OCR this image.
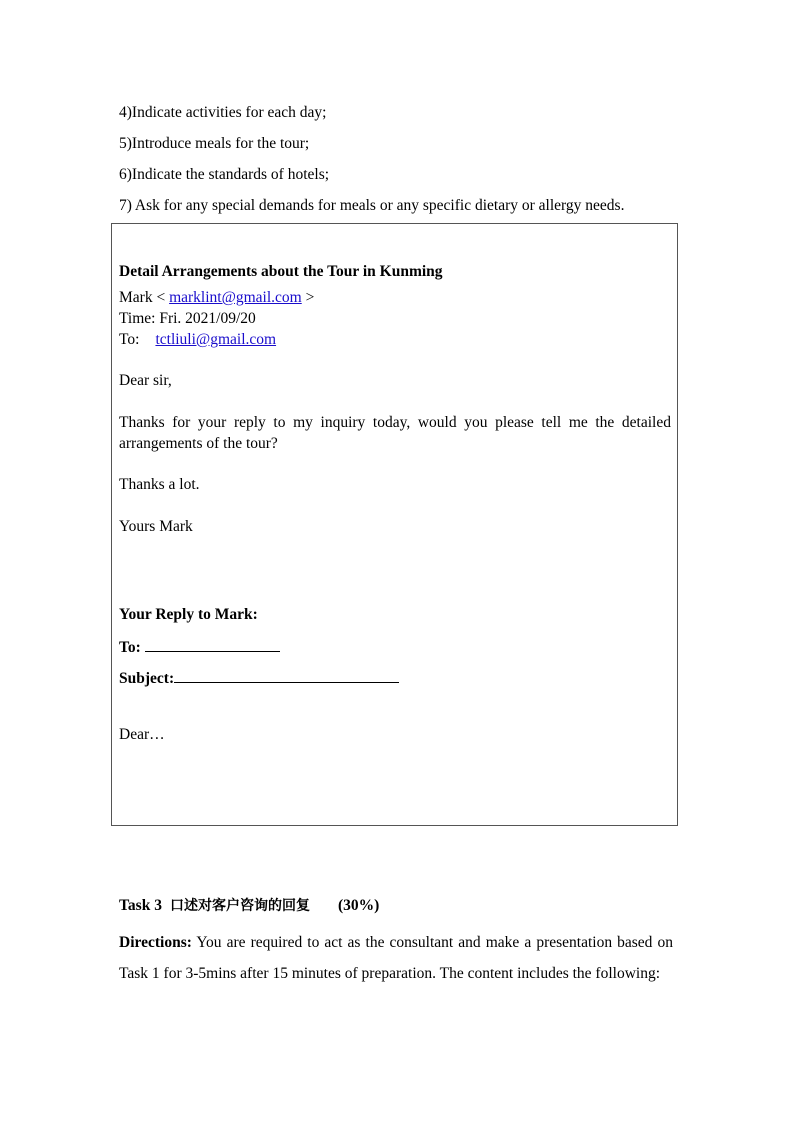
4)Indicate activities for each day;
5)Introduce meals for the tour;
6)Indicate the standards of hotels;
7) Ask for any special demands for meals or any specific dietary or allergy needs.
Detail Arrangements about the Tour in Kunming
Mark < marklint@gmail.com >
Time: Fri. 2021/09/20
To: tctliuli@gmail.com
Dear sir,
Thanks for your reply to my inquiry today, would you please tell me the detailed arrangements of the tour?
Thanks a lot.
Yours Mark
Your Reply to Mark:
To:
Subject:
Dear…
Task 3 口述对客户咨询的回复 (30%)
Directions: You are required to act as the consultant and make a presentation based on Task 1 for 3-5mins after 15 minutes of preparation. The content includes the following:
